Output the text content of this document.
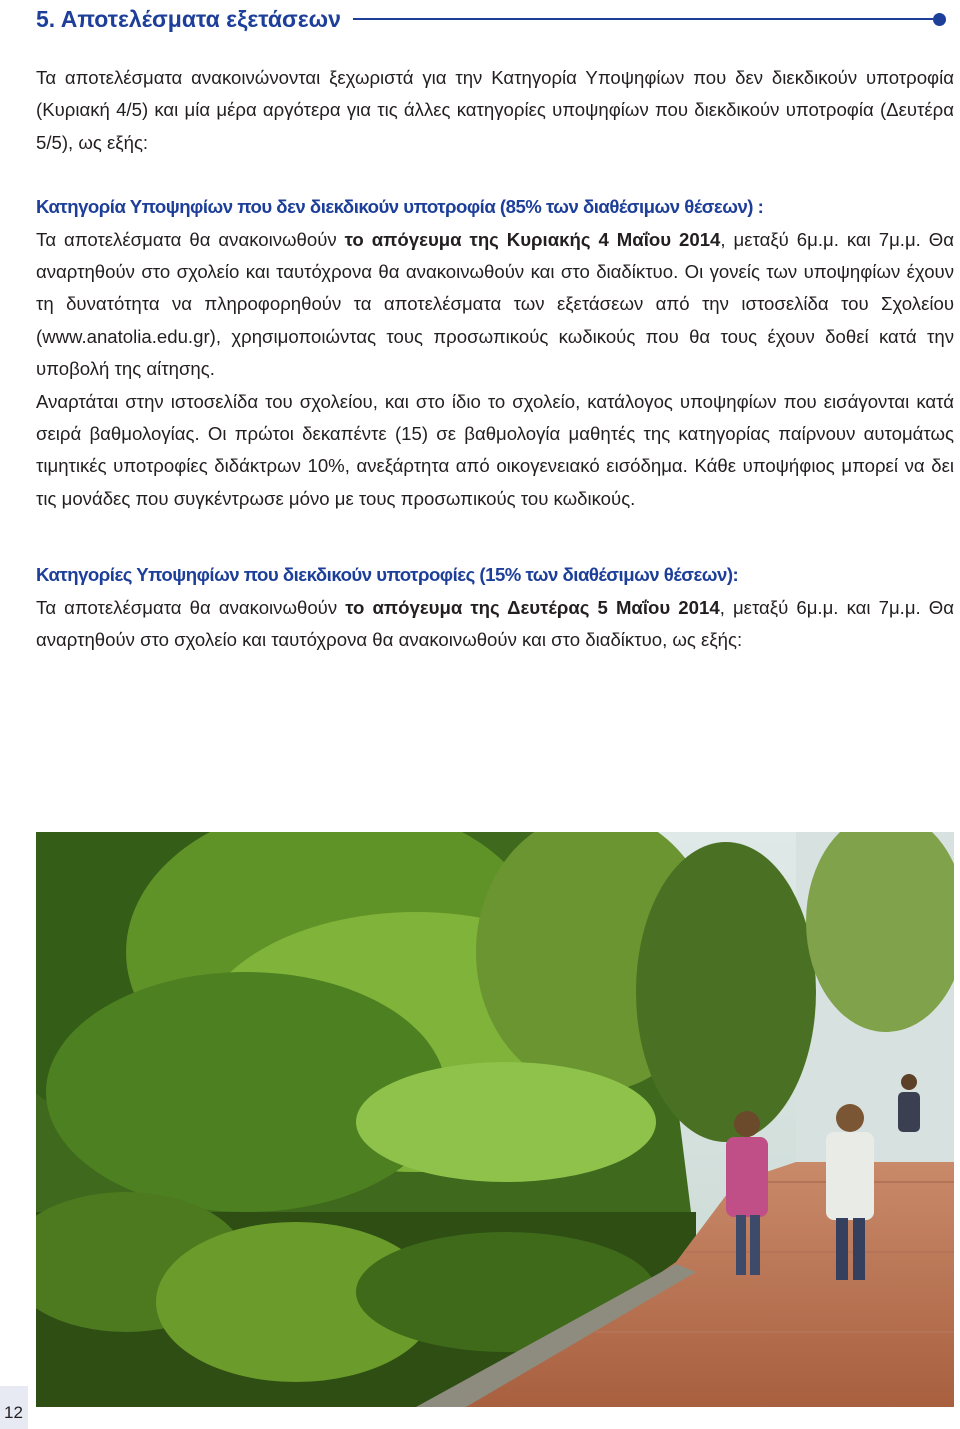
5. Αποτελέσματα εξετάσεων

Τα αποτελέσματα ανακοινώνονται ξεχωριστά για την Κατηγορία Υποψηφίων που δεν διεκδικούν υποτροφία (Κυριακή 4/5) και μία μέρα αργότερα για τις άλλες κατηγορίες υποψηφίων που διεκδικούν υποτροφία (Δευτέρα 5/5), ως εξής:

Κατηγορία Υποψηφίων που δεν διεκδικούν υποτροφία (85% των διαθέσιμων θέσεων) :

Τα αποτελέσματα θα ανακοινωθούν το απόγευμα της Κυριακής 4 Μαΐου 2014, μεταξύ 6μ.μ. και 7μ.μ. Θα αναρτηθούν στο σχολείο και ταυτόχρονα θα ανακοινωθούν και στο διαδίκτυο. Οι γονείς των υποψηφίων έχουν τη δυνατότητα να πληροφορηθούν τα αποτελέσματα των εξετάσεων από την ιστοσελίδα του Σχολείου (www.anatolia.edu.gr), χρησιμοποιώντας τους προσωπικούς κωδικούς που θα τους έχουν δοθεί κατά την υποβολή της αίτησης.

Αναρτάται στην ιστοσελίδα του σχολείου, και στο ίδιο το σχολείο, κατάλογος υποψηφίων που εισάγονται κατά σειρά βαθμολογίας. Οι πρώτοι δεκαπέντε (15) σε βαθμολογία μαθητές της κατηγορίας παίρνουν αυτομάτως τιμητικές υποτροφίες διδάκτρων 10%, ανεξάρτητα από οικογενειακό εισόδημα. Κάθε υποψήφιος μπορεί να δει τις μονάδες που συγκέντρωσε μόνο με τους προσωπικούς του κωδικούς.

Κατηγορίες Υποψηφίων που διεκδικούν υποτροφίες (15% των διαθέσιμων θέσεων):

Τα αποτελέσματα θα ανακοινωθούν το απόγευμα της Δευτέρας 5 Μαΐου 2014, μεταξύ 6μ.μ. και 7μ.μ. Θα αναρτηθούν στο σχολείο και ταυτόχρονα θα ανακοινωθούν και στο διαδίκτυο, ως εξής:

12
